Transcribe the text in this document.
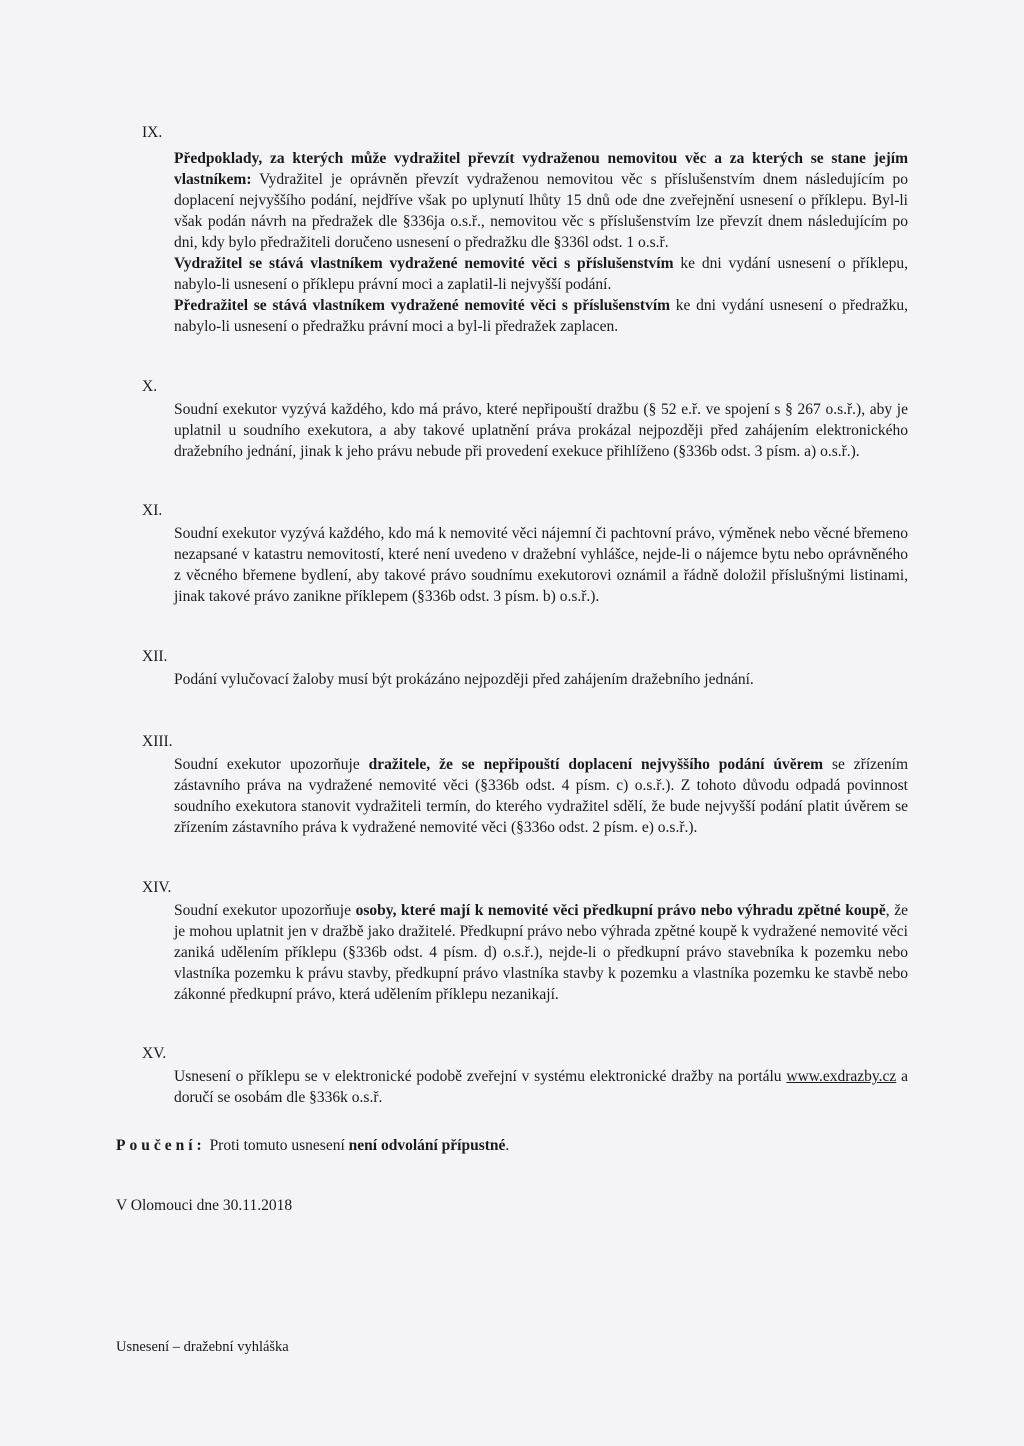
IX.

Předpoklady, za kterých může vydražitel převzít vydraženou nemovitou věc a za kterých se stane jejím vlastníkem: Vydražitel je oprávněn převzít vydraženou nemovitou věc s příslušenstvím dnem následujícím po doplacení nejvyššího podání, nejdříve však po uplynutí lhůty 15 dnů ode dne zveřejnění usnesení o příklepu. Byl-li však podán návrh na předražek dle §336ja o.s.ř., nemovitou věc s příslušenstvím lze převzít dnem následujícím po dni, kdy bylo předražiteli doručeno usnesení o předražku dle §336l odst. 1 o.s.ř.

Vydražitel se stává vlastníkem vydražené nemovité věci s příslušenstvím ke dni vydání usnesení o příklepu, nabylo-li usnesení o příklepu právní moci a zaplatil-li nejvyšší podání.

Předražitel se stává vlastníkem vydražené nemovité věci s příslušenstvím ke dni vydání usnesení o předražku, nabylo-li usnesení o předražku právní moci a byl-li předražek zaplacen.

X.
Soudní exekutor vyzývá každého, kdo má právo, které nepřipouští dražbu (§ 52 e.ř. ve spojení s § 267 o.s.ř.), aby je uplatnil u soudního exekutora, a aby takové uplatnění práva prokázal nejpozději před zahájením elektronického dražebního jednání, jinak k jeho právu nebude při provedení exekuce přihlíženo (§336b odst. 3 písm. a) o.s.ř.).
XI.
Soudní exekutor vyzývá každého, kdo má k nemovité věci nájemní či pachtovní právo, výměnek nebo věcné břemeno nezapsané v katastru nemovitostí, které není uvedeno v dražební vyhlášce, nejde-li o nájemce bytu nebo oprávněného z věcného břemene bydlení, aby takové právo soudnímu exekutorovi oznámil a řádně doložil příslušnými listinami, jinak takové právo zanikne příklepem (§336b odst. 3 písm. b) o.s.ř.).
XII.
Podání vylučovací žaloby musí být prokázáno nejpozději před zahájením dražebního jednání.
XIII.
Soudní exekutor upozorňuje dražitele, že se nepřipouští doplacení nejvyššího podání úvěrem se zřízením zástavního práva na vydražené nemovité věci (§336b odst. 4 písm. c) o.s.ř.). Z tohoto důvodu odpadá povinnost soudního exekutora stanovit vydražiteli termín, do kterého vydražitel sdělí, že bude nejvyšší podání platit úvěrem se zřízením zástavního práva k vydražené nemovité věci (§336o odst. 2 písm. e) o.s.ř.).
XIV.
Soudní exekutor upozorňuje osoby, které mají k nemovité věci předkupní právo nebo výhradu zpětné koupě, že je mohou uplatnit jen v dražbě jako dražitelé. Předkupní právo nebo výhrada zpětné koupě k vydražené nemovité věci zaniká udělením příklepu (§336b odst. 4 písm. d) o.s.ř.), nejde-li o předkupní právo stavebníka k pozemku nebo vlastníka pozemku k právu stavby, předkupní právo vlastníka stavby k pozemku a vlastníka pozemku ke stavbě nebo zákonné předkupní právo, která udělením příklepu nezanikají.
XV.
Usnesení o příklepu se v elektronické podobě zveřejní v systému elektronické dražby na portálu www.exdrazby.cz a doručí se osobám dle §336k o.s.ř.
Poučení: Proti tomuto usnesení není odvolání přípustné.
V Olomouci dne 30.11.2018
Usnesení – dražební vyhláška
